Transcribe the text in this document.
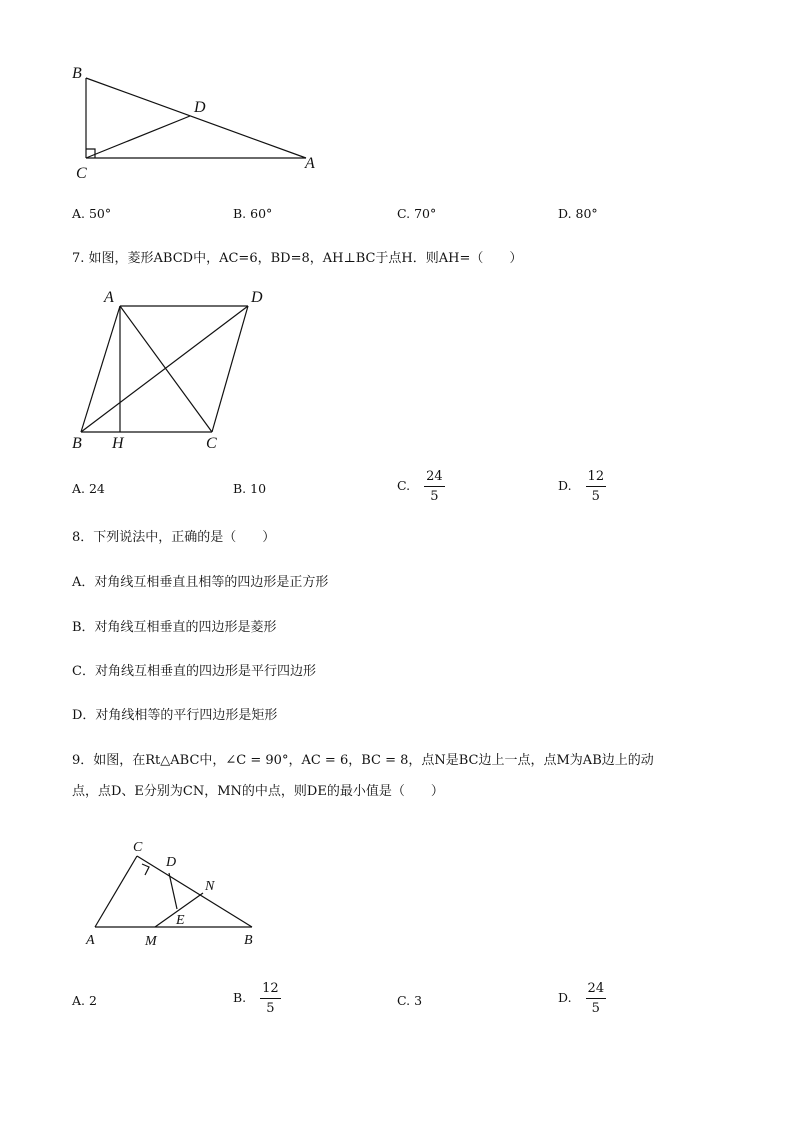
B
D
C
A
A. 50°	B. 60°	C. 70°	D. 80°
7. 如图，菱形ABCD中，AC=6，BD=8，AH⊥BC于点H．则AH=（　　）
A	D
B H	C
A. 24	B. 10	C. $\frac{24}{5}$	D. $\frac{12}{5}$
8．下列说法中，正确的是（　　）
A．对角线互相垂直且相等的四边形是正方形
B．对角线互相垂直的四边形是菱形
C．对角线互相垂直的四边形是平行四边形
D．对角线相等的平行四边形是矩形
9．如图，在Rt△ABC中，∠C = 90°，AC = 6，BC = 8，点N是BC边上一点，点M为AB边上的动
点，点D、E分别为CN，MN的中点，则DE的最小值是（　　）
C
D
N
E
A	M	B
A. 2	B. $\frac{12}{5}$	C. 3	D. $\frac{24}{5}$
